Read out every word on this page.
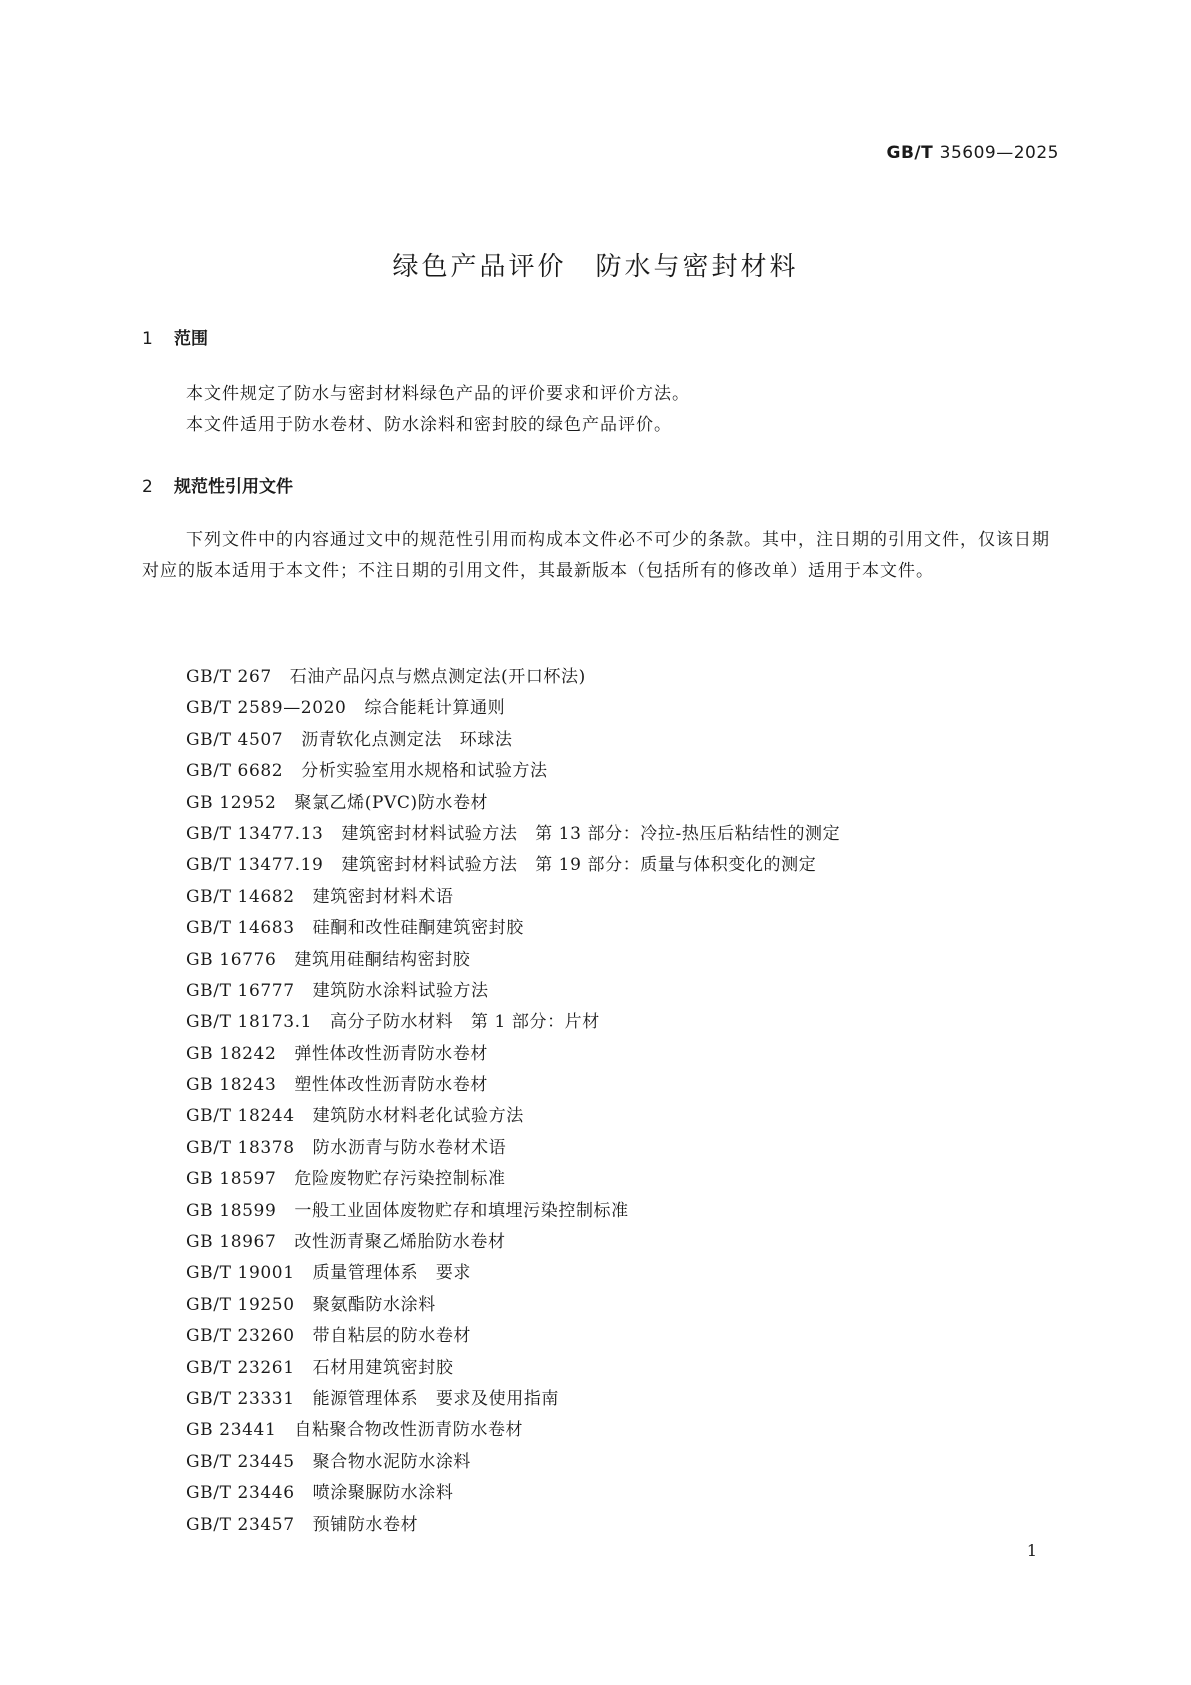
GB/T 35609—2025
绿色产品评价　防水与密封材料
1 范围
本文件规定了防水与密封材料绿色产品的评价要求和评价方法。
本文件适用于防水卷材、防水涂料和密封胶的绿色产品评价。
2 规范性引用文件
下列文件中的内容通过文中的规范性引用而构成本文件必不可少的条款。其中，注日期的引用文件，仅该日期对应的版本适用于本文件；不注日期的引用文件，其最新版本（包括所有的修改单）适用于本文件。
GB/T 267 石油产品闪点与燃点测定法(开口杯法)
GB/T 2589—2020 综合能耗计算通则
GB/T 4507 沥青软化点测定法　环球法
GB/T 6682 分析实验室用水规格和试验方法
GB 12952 聚氯乙烯(PVC)防水卷材
GB/T 13477.13 建筑密封材料试验方法　第 13 部分：冷拉-热压后粘结性的测定
GB/T 13477.19 建筑密封材料试验方法　第 19 部分：质量与体积变化的测定
GB/T 14682 建筑密封材料术语
GB/T 14683 硅酮和改性硅酮建筑密封胶
GB 16776 建筑用硅酮结构密封胶
GB/T 16777 建筑防水涂料试验方法
GB/T 18173.1 高分子防水材料　第 1 部分：片材
GB 18242 弹性体改性沥青防水卷材
GB 18243 塑性体改性沥青防水卷材
GB/T 18244 建筑防水材料老化试验方法
GB/T 18378 防水沥青与防水卷材术语
GB 18597 危险废物贮存污染控制标准
GB 18599 一般工业固体废物贮存和填埋污染控制标准
GB 18967 改性沥青聚乙烯胎防水卷材
GB/T 19001 质量管理体系　要求
GB/T 19250 聚氨酯防水涂料
GB/T 23260 带自粘层的防水卷材
GB/T 23261 石材用建筑密封胶
GB/T 23331 能源管理体系　要求及使用指南
GB 23441 自粘聚合物改性沥青防水卷材
GB/T 23445 聚合物水泥防水涂料
GB/T 23446 喷涂聚脲防水涂料
GB/T 23457 预铺防水卷材
1
